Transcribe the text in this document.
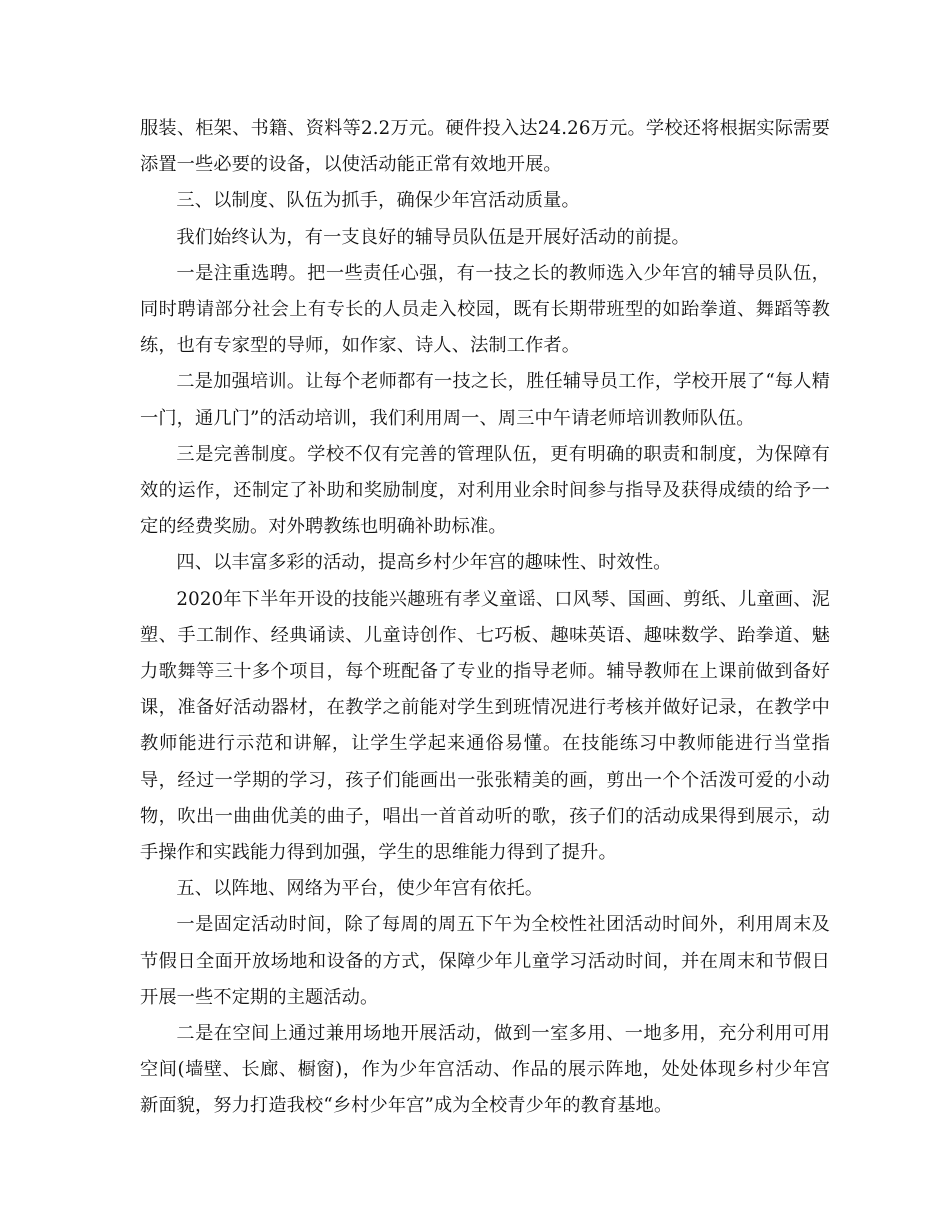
服装、柜架、书籍、资料等2.2万元。硬件投入达24.26万元。学校还将根据实际需要添置一些必要的设备，以使活动能正常有效地开展。

三、以制度、队伍为抓手，确保少年宫活动质量。

我们始终认为，有一支良好的辅导员队伍是开展好活动的前提。

一是注重选聘。把一些责任心强，有一技之长的教师选入少年宫的辅导员队伍，同时聘请部分社会上有专长的人员走入校园，既有长期带班型的如跆拳道、舞蹈等教练，也有专家型的导师，如作家、诗人、法制工作者。

二是加强培训。让每个老师都有一技之长，胜任辅导员工作，学校开展了“每人精一门，通几门”的活动培训，我们利用周一、周三中午请老师培训教师队伍。

三是完善制度。学校不仅有完善的管理队伍，更有明确的职责和制度，为保障有效的运作，还制定了补助和奖励制度，对利用业余时间参与指导及获得成绩的给予一定的经费奖励。对外聘教练也明确补助标准。

四、以丰富多彩的活动，提高乡村少年宫的趣味性、时效性。

2020年下半年开设的技能兴趣班有孝义童谣、口风琴、国画、剪纸、儿童画、泥塑、手工制作、经典诵读、儿童诗创作、七巧板、趣味英语、趣味数学、跆拳道、魅力歌舞等三十多个项目，每个班配备了专业的指导老师。辅导教师在上课前做到备好课，准备好活动器材，在教学之前能对学生到班情况进行考核并做好记录，在教学中教师能进行示范和讲解，让学生学起来通俗易懂。在技能练习中教师能进行当堂指导，经过一学期的学习，孩子们能画出一张张精美的画，剪出一个个活泼可爱的小动物，吹出一曲曲优美的曲子，唱出一首首动听的歌，孩子们的活动成果得到展示，动手操作和实践能力得到加强，学生的思维能力得到了提升。

五、以阵地、网络为平台，使少年宫有依托。

一是固定活动时间，除了每周的周五下午为全校性社团活动时间外，利用周末及节假日全面开放场地和设备的方式，保障少年儿童学习活动时间，并在周末和节假日开展一些不定期的主题活动。

二是在空间上通过兼用场地开展活动，做到一室多用、一地多用，充分利用可用空间(墙壁、长廊、橱窗)，作为少年宫活动、作品的展示阵地，处处体现乡村少年宫新面貌，努力打造我校“乡村少年宫”成为全校青少年的教育基地。
